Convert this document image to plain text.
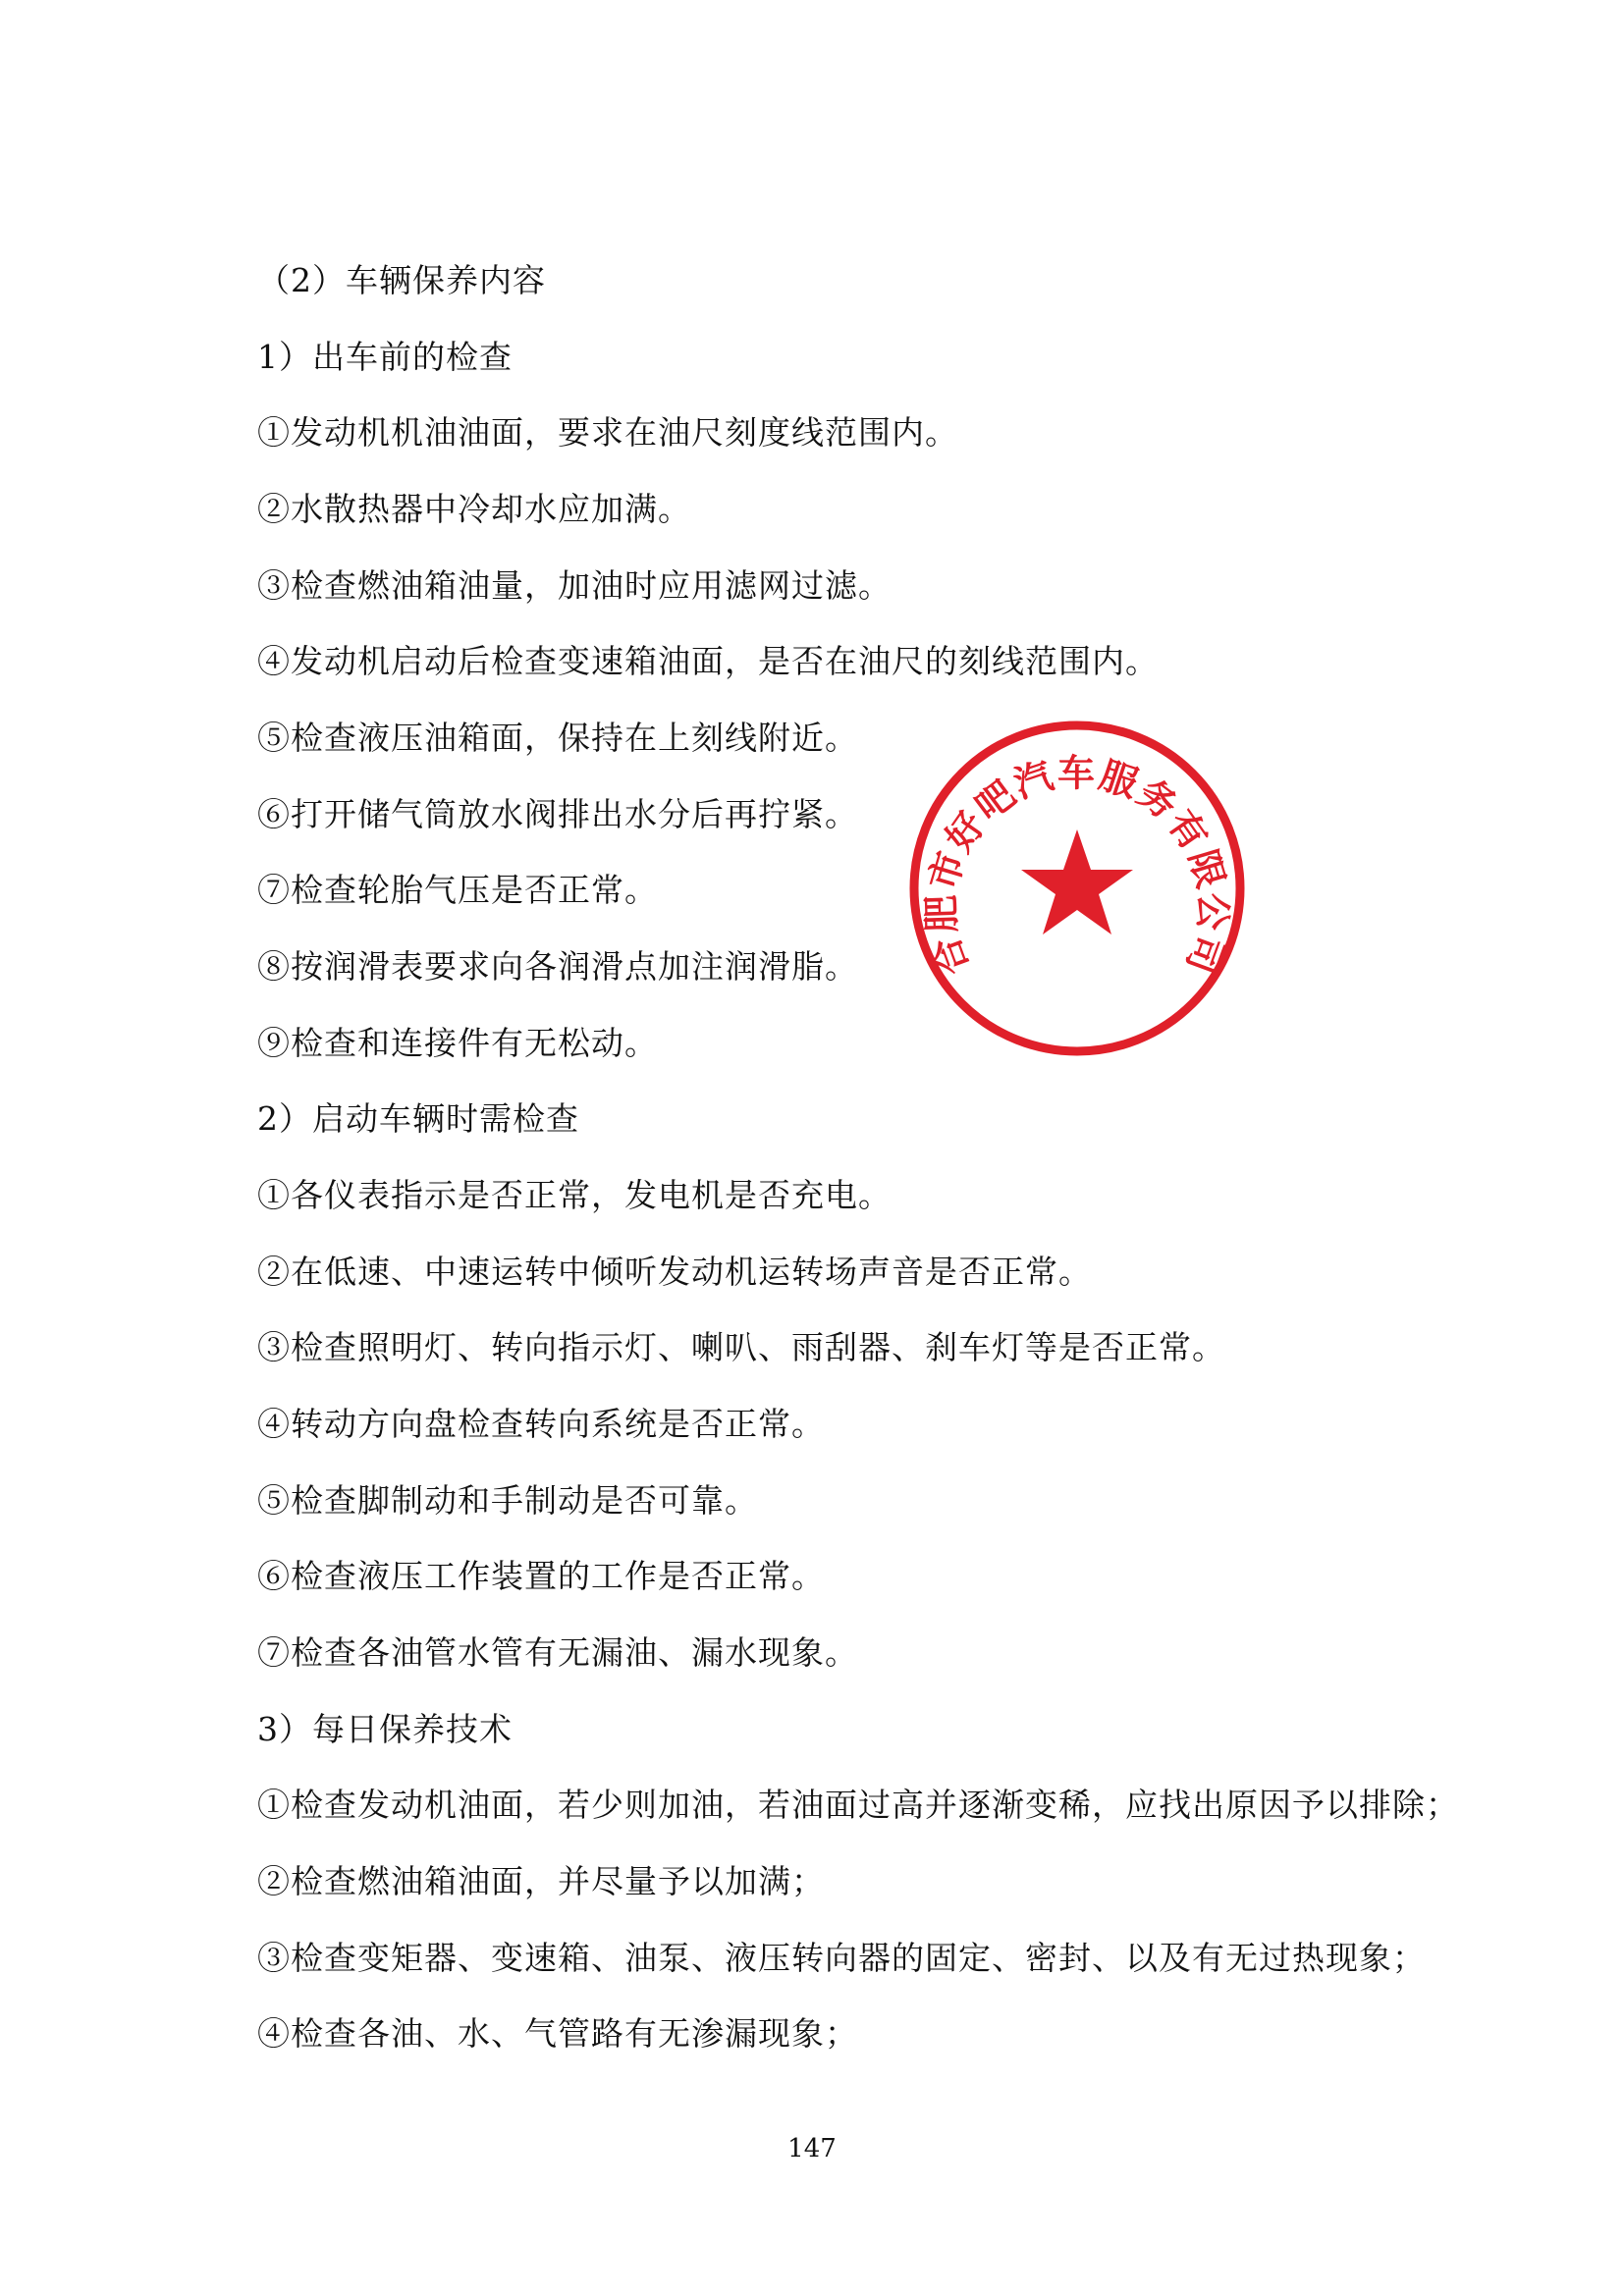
（2）车辆保养内容
1）出车前的检查
①发动机机油油面，要求在油尺刻度线范围内。
②水散热器中冷却水应加满。
③检查燃油箱油量，加油时应用滤网过滤。
④发动机启动后检查变速箱油面，是否在油尺的刻线范围内。
⑤检查液压油箱面，保持在上刻线附近。
⑥打开储气筒放水阀排出水分后再拧紧。
⑦检查轮胎气压是否正常。
⑧按润滑表要求向各润滑点加注润滑脂。
⑨检查和连接件有无松动。
2）启动车辆时需检查
①各仪表指示是否正常，发电机是否充电。
②在低速、中速运转中倾听发动机运转场声音是否正常。
③检查照明灯、转向指示灯、喇叭、雨刮器、刹车灯等是否正常。
④转动方向盘检查转向系统是否正常。
⑤检查脚制动和手制动是否可靠。
⑥检查液压工作装置的工作是否正常。
⑦检查各油管水管有无漏油、漏水现象。
3）每日保养技术
①检查发动机油面，若少则加油，若油面过高并逐渐变稀，应找出原因予以排除；
②检查燃油箱油面，并尽量予以加满；
③检查变矩器、变速箱、油泵、液压转向器的固定、密封、以及有无过热现象；
④检查各油、水、气管路有无渗漏现象；
合肥市好吧汽车服务有限公司
147
